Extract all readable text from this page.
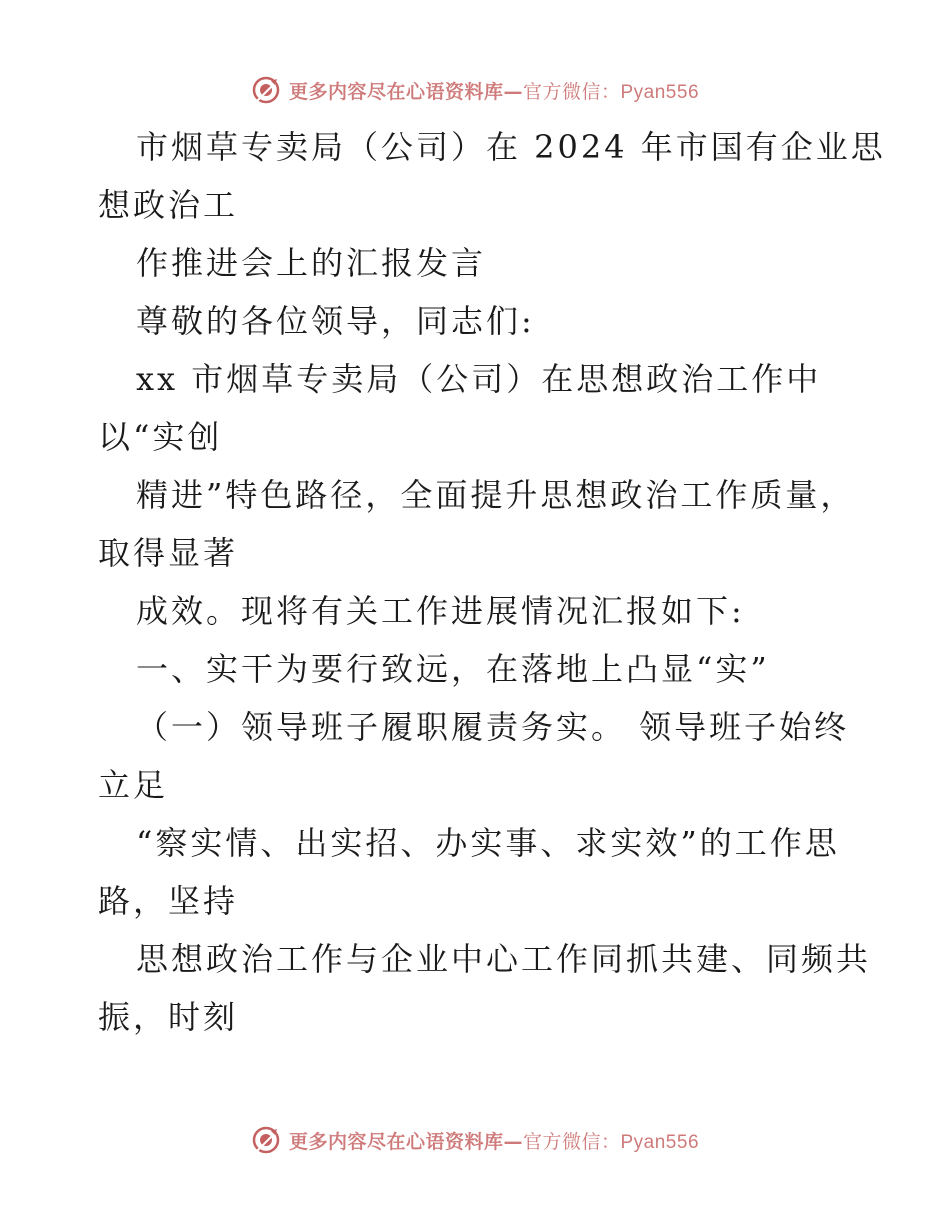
更多内容尽在心语资料库— 官方微信：Pyan556
市烟草专卖局（公司）在 2024 年市国有企业思
想政治工
作推进会上的汇报发言
尊敬的各位领导，同志们:
xx 市烟草专卖局（公司）在思想政治工作中
以“实创
精进”特色路径，全面提升思想政治工作质量，
取得显著
成效。现将有关工作进展情况汇报如下:
一、实干为要行致远，在落地上凸显“实”
（一）领导班子履职履责务实。 领导班子始终
立足
“察实情、出实招、办实事、求实效”的工作思
路，坚持
思想政治工作与企业中心工作同抓共建、同频共
振，时刻
更多内容尽在心语资料库— 官方微信：Pyan556
